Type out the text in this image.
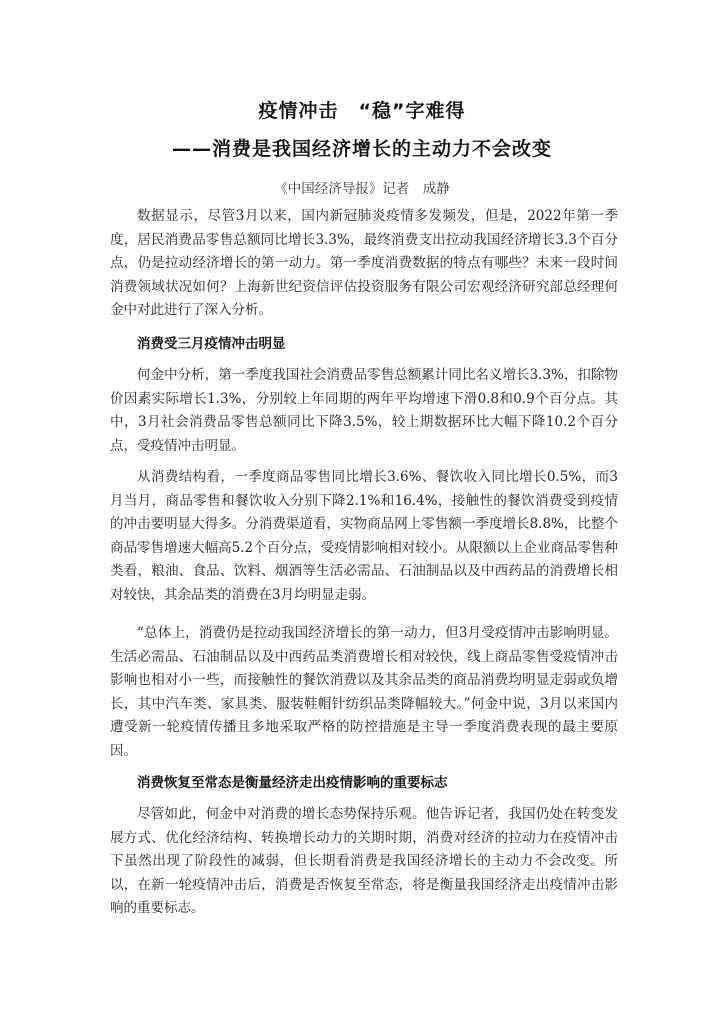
疫情冲击　“稳”字难得
——消费是我国经济增长的主动力不会改变
《中国经济导报》记者　成静

数据显示，尽管3月以来，国内新冠肺炎疫情多发频发，但是，2022年第一季度，居民消费品零售总额同比增长3.3%，最终消费支出拉动我国经济增长3.3个百分点，仍是拉动经济增长的第一动力。第一季度消费数据的特点有哪些？未来一段时间消费领域状况如何？上海新世纪资信评估投资服务有限公司宏观经济研究部总经理何金中对此进行了深入分析。

消费受三月疫情冲击明显

何金中分析，第一季度我国社会消费品零售总额累计同比名义增长3.3%，扣除物价因素实际增长1.3%，分别较上年同期的两年平均增速下滑0.8和0.9个百分点。其中，3月社会消费品零售总额同比下降3.5%，较上期数据环比大幅下降10.2个百分点，受疫情冲击明显。

从消费结构看，一季度商品零售同比增长3.6%、餐饮收入同比增长0.5%，而3月当月，商品零售和餐饮收入分别下降2.1%和16.4%，接触性的餐饮消费受到疫情的冲击要明显大得多。分消费渠道看，实物商品网上零售额一季度增长8.8%，比整个商品零售增速大幅高5.2个百分点，受疫情影响相对较小。从限额以上企业商品零售种类看，粮油、食品、饮料、烟酒等生活必需品、石油制品以及中西药品的消费增长相对较快，其余品类的消费在3月均明显走弱。

“总体上，消费仍是拉动我国经济增长的第一动力，但3月受疫情冲击影响明显。生活必需品、石油制品以及中西药品类消费增长相对较快，线上商品零售受疫情冲击影响也相对小一些，而接触性的餐饮消费以及其余品类的商品消费均明显走弱或负增长，其中汽车类、家具类、服装鞋帽针纺织品类降幅较大。”何金中说，3月以来国内遭受新一轮疫情传播且多地采取严格的防控措施是主导一季度消费表现的最主要原因。

消费恢复至常态是衡量经济走出疫情影响的重要标志

尽管如此，何金中对消费的增长态势保持乐观。他告诉记者，我国仍处在转变发展方式、优化经济结构、转换增长动力的关期时期，消费对经济的拉动力在疫情冲击下虽然出现了阶段性的减弱，但长期看消费是我国经济增长的主动力不会改变。所以，在新一轮疫情冲击后，消费是否恢复至常态，将是衡量我国经济走出疫情冲击影响的重要标志。
